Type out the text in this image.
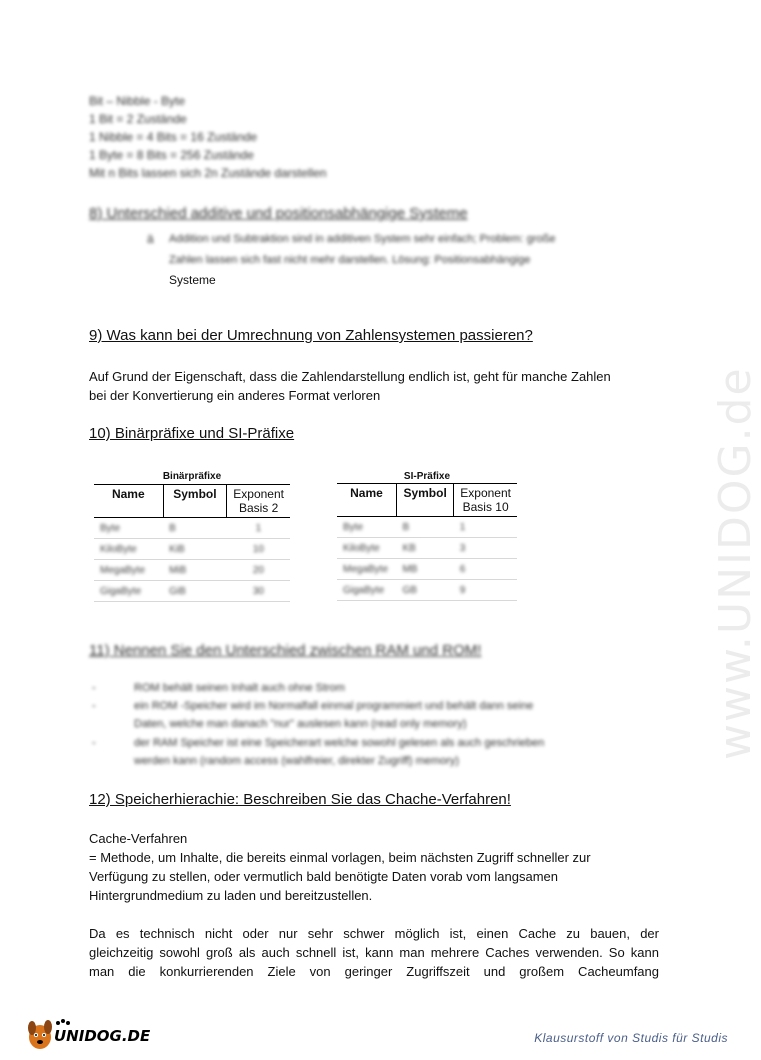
www.UNIDOG.de
Bit – Nibble - Byte
1 Bit = 2 Zustände
1 Nibble = 4 Bits = 16 Zustände
1 Byte = 8 Bits = 256 Zustände
Mit n Bits lassen sich 2n Zustände darstellen
8) Unterschied additive und positionsabhängige Systeme
ä Addition und Subtraktion sind in additiven System sehr einfach; Problem: große
Zahlen lassen sich fast nicht mehr darstellen. Lösung: Positionsabhängige
Systeme
9) Was kann bei der Umrechnung von Zahlensystemen passieren?
Auf Grund der Eigenschaft, dass die Zahlendarstellung endlich ist, geht für manche Zahlen
bei der Konvertierung ein anderes Format verloren
10) Binärpräfixe und SI-Präfixe
Binärpräfixe
Name	Symbol	Exponent
Basis 2

Byte	B	1
KiloByte	KiB	10
MegaByte	MiB	20
GigaByte	GiB	30
SI-Präfixe
Name	Symbol	Exponent
Basis 10

Byte	B	1
KiloByte	KB	3
MegaByte	MB	6
GigaByte	GB	9
11) Nennen Sie den Unterschied zwischen RAM und ROM!
-	ROM behält seinen Inhalt auch ohne Strom
-	ein ROM -Speicher wird im Normalfall einmal programmiert und behält dann seine
Daten, welche man danach "nur" auslesen kann (read only memory)
-	der RAM Speicher ist eine Speicherart welche sowohl gelesen als auch geschrieben
werden kann (random access (wahlfreier, direkter Zugriff) memory)
12) Speicherhierachie: Beschreiben Sie das Chache-Verfahren!
Cache-Verfahren
= Methode, um Inhalte, die bereits einmal vorlagen, beim nächsten Zugriff schneller zur
Verfügung zu stellen, oder vermutlich bald benötigte Daten vorab vom langsamen
Hintergrundmedium zu laden und bereitzustellen.
Da es technisch nicht oder nur sehr schwer möglich ist, einen Cache zu bauen, der
gleichzeitig sowohl groß als auch schnell ist, kann man mehrere Caches verwenden. So kann
man die konkurrierenden Ziele von geringer Zugriffszeit und großem Cacheumfang
UNIDOG.DE	Klausurstoff von Studis für Studis
